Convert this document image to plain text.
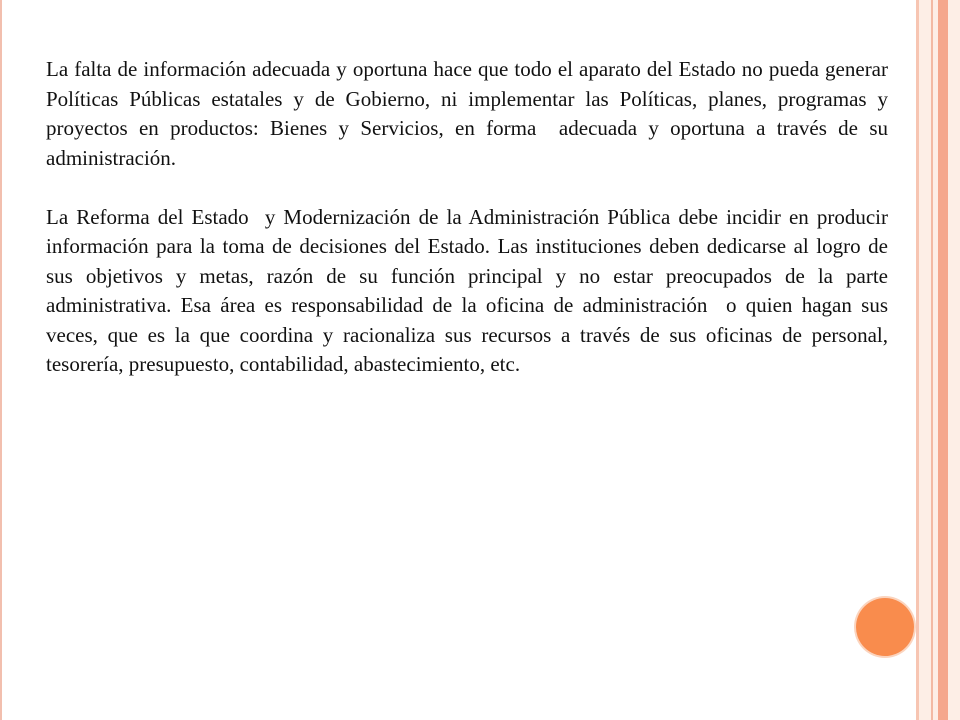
La falta de información adecuada y oportuna hace que todo el aparato del Estado no pueda generar Políticas Públicas estatales y de Gobierno, ni implementar las Políticas, planes, programas y proyectos en productos: Bienes y Servicios, en forma  adecuada y oportuna a través de su administración.

La Reforma del Estado  y Modernización de la Administración Pública debe incidir en producir información para la toma de decisiones del Estado. Las instituciones deben dedicarse al logro de sus objetivos y metas, razón de su función principal y no estar preocupados de la parte administrativa. Esa área es responsabilidad de la oficina de administración  o quien hagan sus veces, que es la que coordina y racionaliza sus recursos a través de sus oficinas de personal, tesorería, presupuesto, contabilidad, abastecimiento, etc.
